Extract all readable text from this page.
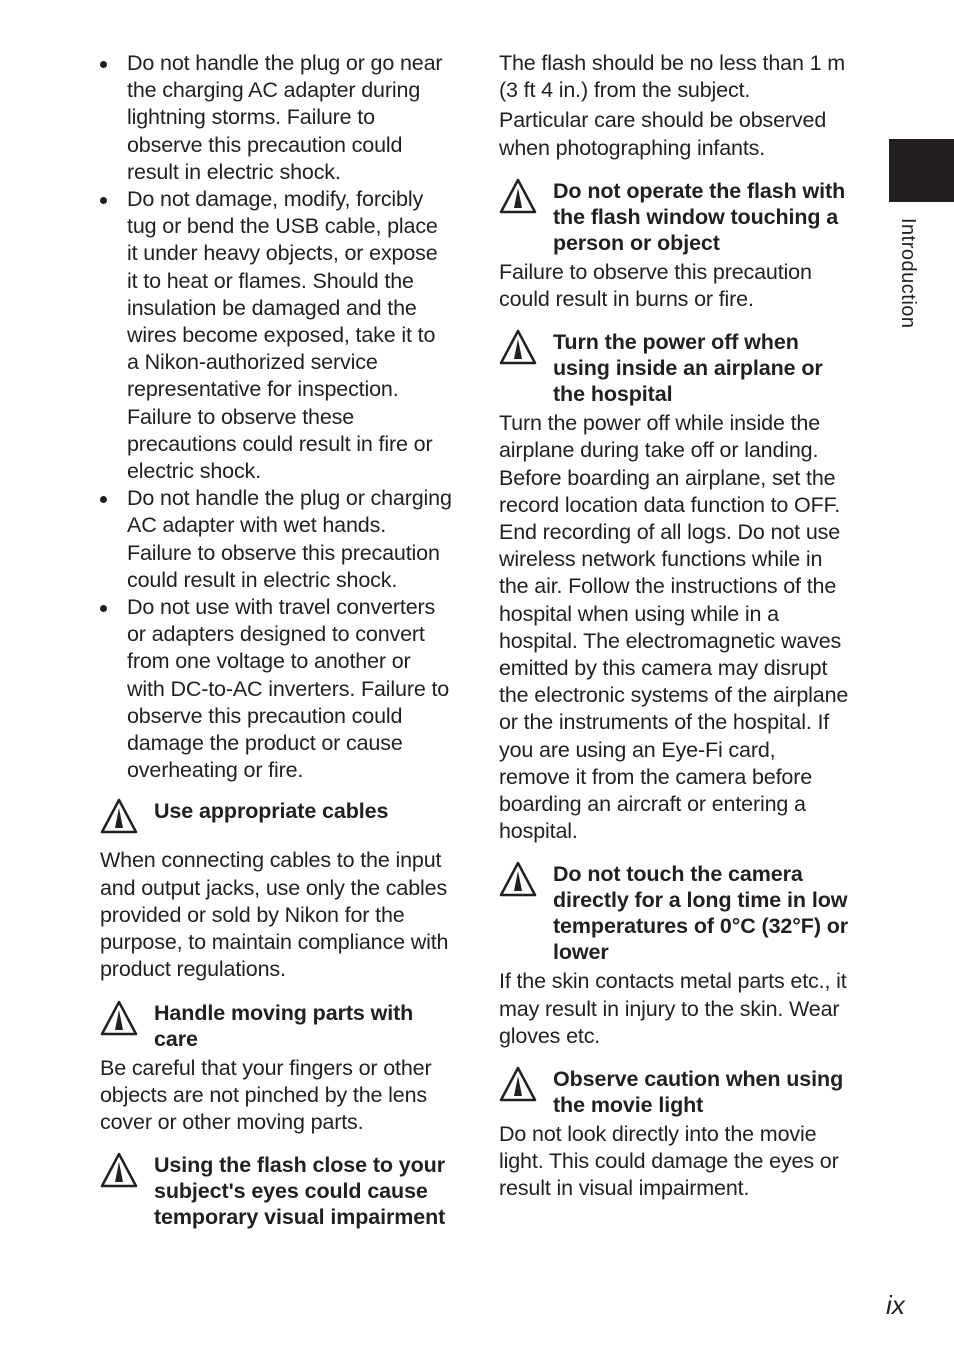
Do not handle the plug or go near the charging AC adapter during lightning storms. Failure to observe this precaution could result in electric shock.

Do not damage, modify, forcibly tug or bend the USB cable, place it under heavy objects, or expose it to heat or flames. Should the insulation be damaged and the wires become exposed, take it to a Nikon-authorized service representative for inspection. Failure to observe these precautions could result in fire or electric shock.

Do not handle the plug or charging AC adapter with wet hands. Failure to observe this precaution could result in electric shock.

Do not use with travel converters or adapters designed to convert from one voltage to another or with DC-to-AC inverters. Failure to observe this precaution could damage the product or cause overheating or fire.

Use appropriate cables

When connecting cables to the input and output jacks, use only the cables provided or sold by Nikon for the purpose, to maintain compliance with product regulations.

Handle moving parts with care

Be careful that your fingers or other objects are not pinched by the lens cover or other moving parts.

Using the flash close to your subject's eyes could cause temporary visual impairment

The flash should be no less than 1 m (3 ft 4 in.) from the subject.

Particular care should be observed when photographing infants.

Do not operate the flash with the flash window touching a person or object

Failure to observe this precaution could result in burns or fire.

Turn the power off when using inside an airplane or the hospital

Turn the power off while inside the airplane during take off or landing. Before boarding an airplane, set the record location data function to OFF. End recording of all logs. Do not use wireless network functions while in the air. Follow the instructions of the hospital when using while in a hospital. The electromagnetic waves emitted by this camera may disrupt the electronic systems of the airplane or the instruments of the hospital. If you are using an Eye-Fi card, remove it from the camera before boarding an aircraft or entering a hospital.

Do not touch the camera directly for a long time in low temperatures of 0°C (32°F) or lower

If the skin contacts metal parts etc., it may result in injury to the skin. Wear gloves etc.

Observe caution when using the movie light

Do not look directly into the movie light. This could damage the eyes or result in visual impairment.

Introduction
ix
